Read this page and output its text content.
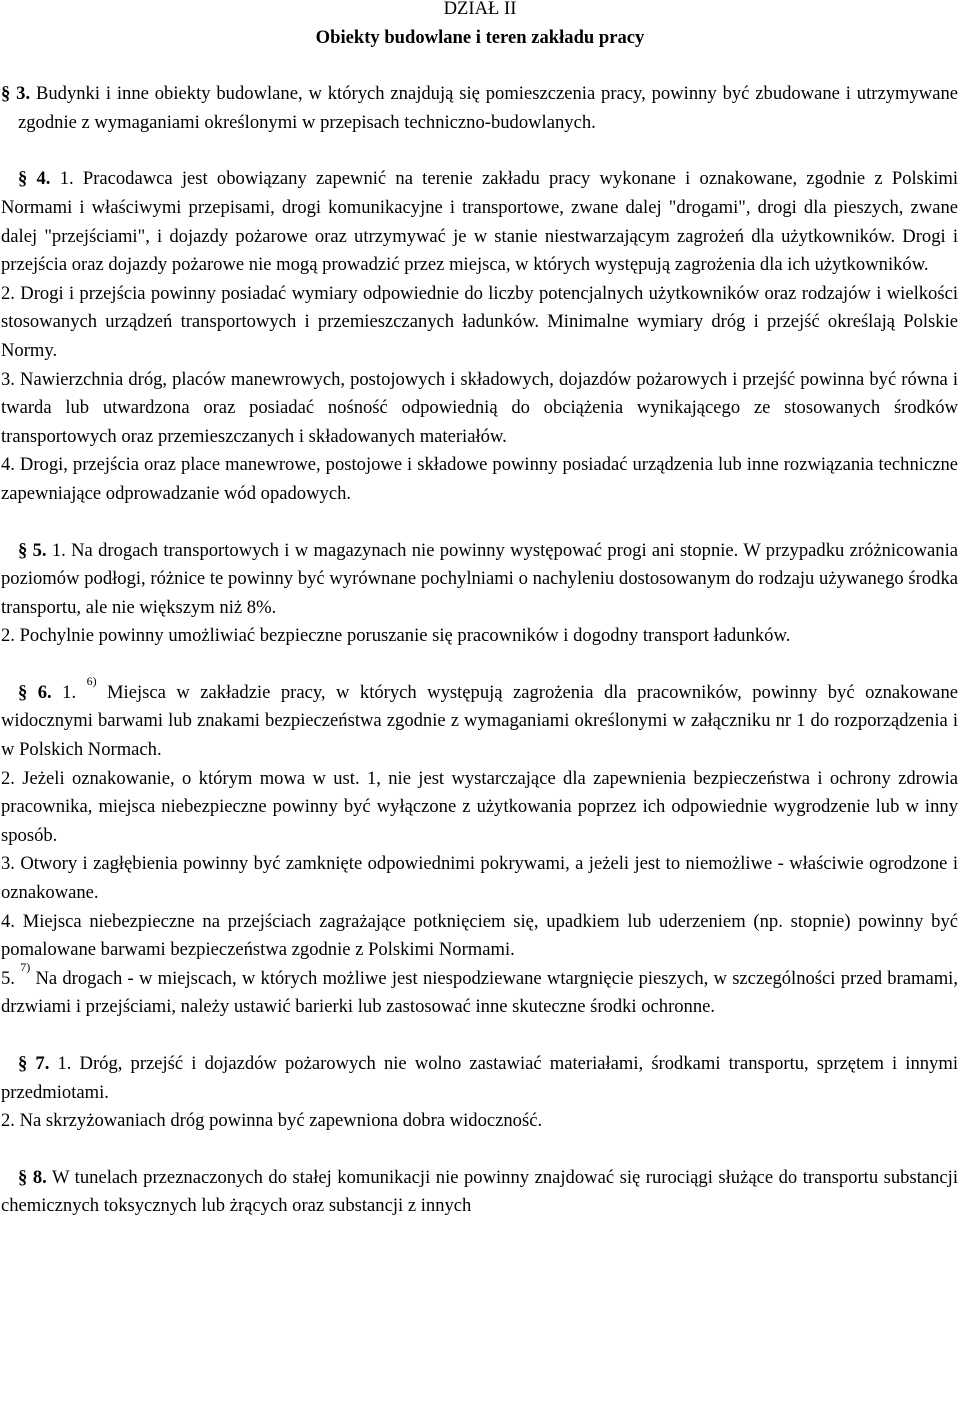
DZIAŁ II
Obiekty budowlane i teren zakładu pracy

§ 3. Budynki i inne obiekty budowlane, w których znajdują się pomieszczenia pracy, powinny być zbudowane i utrzymywane zgodnie z wymaganiami określonymi w przepisach techniczno-budowlanych.

§ 4. 1. Pracodawca jest obowiązany zapewnić na terenie zakładu pracy wykonane i oznakowane, zgodnie z Polskimi Normami i właściwymi przepisami, drogi komunikacyjne i transportowe, zwane dalej "drogami", drogi dla pieszych, zwane dalej "przejściami", i dojazdy pożarowe oraz utrzymywać je w stanie niestwarzającym zagrożeń dla użytkowników. Drogi i przejścia oraz dojazdy pożarowe nie mogą prowadzić przez miejsca, w których występują zagrożenia dla ich użytkowników.

2. Drogi i przejścia powinny posiadać wymiary odpowiednie do liczby potencjalnych użytkowników oraz rodzajów i wielkości stosowanych urządzeń transportowych i przemieszczanych ładunków. Minimalne wymiary dróg i przejść określają Polskie Normy.

3. Nawierzchnia dróg, placów manewrowych, postojowych i składowych, dojazdów pożarowych i przejść powinna być równa i twarda lub utwardzona oraz posiadać nośność odpowiednią do obciążenia wynikającego ze stosowanych środków transportowych oraz przemieszczanych i składowanych materiałów.

4. Drogi, przejścia oraz place manewrowe, postojowe i składowe powinny posiadać urządzenia lub inne rozwiązania techniczne zapewniające odprowadzanie wód opadowych.

§ 5. 1. Na drogach transportowych i w magazynach nie powinny występować progi ani stopnie. W przypadku zróżnicowania poziomów podłogi, różnice te powinny być wyrównane pochylniami o nachyleniu dostosowanym do rodzaju używanego środka transportu, ale nie większym niż 8%.

2. Pochylnie powinny umożliwiać bezpieczne poruszanie się pracowników i dogodny transport ładunków.

§ 6. 1. $^{6)}$ Miejsca w zakładzie pracy, w których występują zagrożenia dla pracowników, powinny być oznakowane widocznymi barwami lub znakami bezpieczeństwa zgodnie z wymaganiami określonymi w załączniku nr 1 do rozporządzenia i w Polskich Normach.

2. Jeżeli oznakowanie, o którym mowa w ust. 1, nie jest wystarczające dla zapewnienia bezpieczeństwa i ochrony zdrowia pracownika, miejsca niebezpieczne powinny być wyłączone z użytkowania poprzez ich odpowiednie wygrodzenie lub w inny sposób.

3. Otwory i zagłębienia powinny być zamknięte odpowiednimi pokrywami, a jeżeli jest to niemożliwe - właściwie ogrodzone i oznakowane.

4. Miejsca niebezpieczne na przejściach zagrażające potknięciem się, upadkiem lub uderzeniem (np. stopnie) powinny być pomalowane barwami bezpieczeństwa zgodnie z Polskimi Normami.

5. $^{7)}$ Na drogach - w miejscach, w których możliwe jest niespodziewane wtargnięcie pieszych, w szczególności przed bramami, drzwiami i przejściami, należy ustawić barierki lub zastosować inne skuteczne środki ochronne.

§ 7. 1. Dróg, przejść i dojazdów pożarowych nie wolno zastawiać materiałami, środkami transportu, sprzętem i innymi przedmiotami.

2. Na skrzyżowaniach dróg powinna być zapewniona dobra widoczność.

§ 8. W tunelach przeznaczonych do stałej komunikacji nie powinny znajdować się rurociągi służące do transportu substancji chemicznych toksycznych lub żrących oraz substancji z innych
